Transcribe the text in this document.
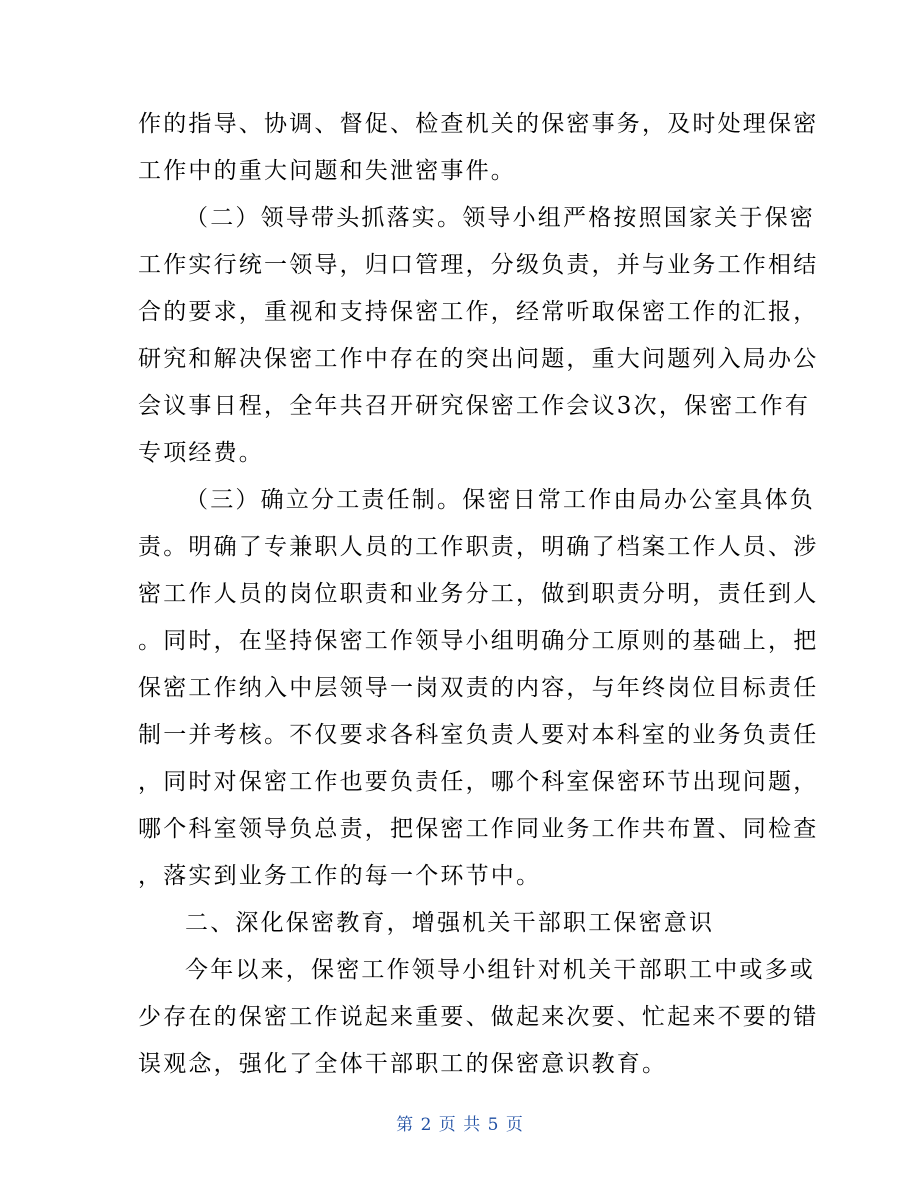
作的指导、协调、督促、检查机关的保密事务，及时处理保密
工作中的重大问题和失泄密事件。
（二）领导带头抓落实。领导小组严格按照国家关于保密
工作实行统一领导，归口管理，分级负责，并与业务工作相结
合的要求，重视和支持保密工作，经常听取保密工作的汇报，
研究和解决保密工作中存在的突出问题，重大问题列入局办公
会议事日程，全年共召开研究保密工作会议3次，保密工作有
专项经费。
（三）确立分工责任制。保密日常工作由局办公室具体负
责。明确了专兼职人员的工作职责，明确了档案工作人员、涉
密工作人员的岗位职责和业务分工，做到职责分明，责任到人
。同时，在坚持保密工作领导小组明确分工原则的基础上，把
保密工作纳入中层领导一岗双责的内容，与年终岗位目标责任
制一并考核。不仅要求各科室负责人要对本科室的业务负责任
，同时对保密工作也要负责任，哪个科室保密环节出现问题，
哪个科室领导负总责，把保密工作同业务工作共布置、同检查
，落实到业务工作的每一个环节中。
二、深化保密教育，增强机关干部职工保密意识
今年以来，保密工作领导小组针对机关干部职工中或多或
少存在的保密工作说起来重要、做起来次要、忙起来不要的错
误观念，强化了全体干部职工的保密意识教育。
第 2 页 共 5 页
